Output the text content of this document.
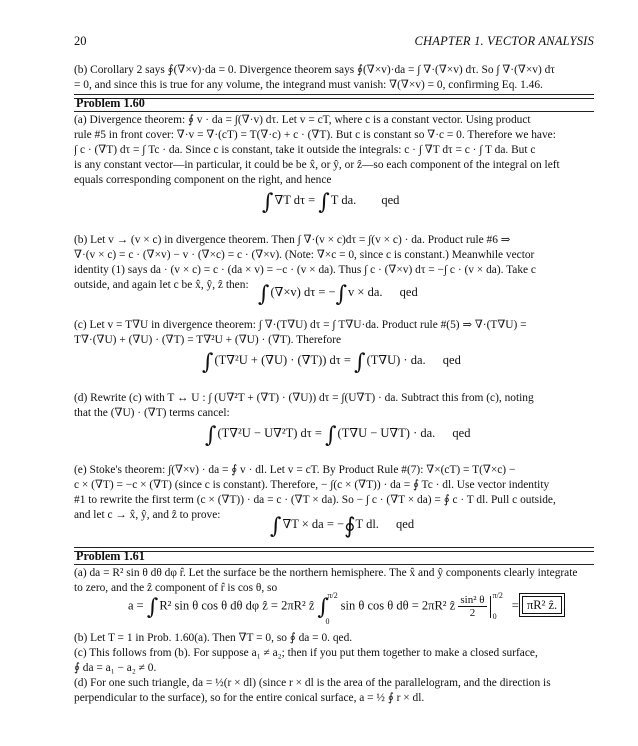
20	CHAPTER 1. VECTOR ANALYSIS
(b) Corollary 2 says ∮(∇×v)·da = 0. Divergence theorem says ∮(∇×v)·da = ∫ ∇·(∇×v) dτ. So ∫ ∇·(∇×v) dτ
= 0, and since this is true for any volume, the integrand must vanish: ∇(∇×v) = 0, confirming Eq. 1.46.
Problem 1.60
(a) Divergence theorem: ∮ v · da = ∫(∇·v) dτ. Let v = cT, where c is a constant vector. Using product
rule #5 in front cover: ∇·v = ∇·(cT) = T(∇·c) + c · (∇T). But c is constant so ∇·c = 0. Therefore we have:
∫ c · (∇T) dτ = ∫ Tc · da. Since c is constant, take it outside the integrals: c · ∫ ∇T dτ = c · ∫ T da. But c
is any constant vector—in particular, it could be be x̂, or ŷ, or ẑ—so each component of the integral on left
equals corresponding component on the right, and hence
∫∇T dτ = ∫T da. qed
(b) Let v → (v × c) in divergence theorem. Then ∫ ∇·(v × c)dτ = ∫(v × c) · da. Product rule #6 ⇒
∇·(v × c) = c · (∇×v) − v · (∇×c) = c · (∇×v). (Note: ∇×c = 0, since c is constant.) Meanwhile vector
identity (1) says da · (v × c) = c · (da × v) = −c · (v × da). Thus ∫ c · (∇×v) dτ = −∫ c · (v × da). Take c
outside, and again let c be x̂, ŷ, ẑ then: ∫(∇×v) dτ = −∫v × da. qed
(c) Let v = T∇U in divergence theorem: ∫ ∇·(T∇U) dτ = ∫ T∇U·da. Product rule #(5) ⇒ ∇·(T∇U) =
T∇·(∇U) + (∇U) · (∇T) = T∇²U + (∇U) · (∇T). Therefore
∫(T∇²U + (∇U) · (∇T)) dτ = ∫(T∇U) · da. qed
(d) Rewrite (c) with T ↔ U : ∫ (U∇²T + (∇T) · (∇U)) dτ = ∫(U∇T) · da. Subtract this from (c), noting
that the (∇U) · (∇T) terms cancel:
∫(T∇²U − U∇²T) dτ = ∫(T∇U − U∇T) · da. qed
(e) Stoke's theorem: ∫(∇×v) · da = ∮ v · dl. Let v = cT. By Product Rule #(7): ∇×(cT) = T(∇×c) −
c × (∇T) = −c × (∇T) (since c is constant). Therefore, − ∫(c × (∇T)) · da = ∮ Tc · dl. Use vector indentity
#1 to rewrite the first term (c × (∇T)) · da = c · (∇T × da). So − ∫ c · (∇T × da) = ∮ c · T dl. Pull c outside,
and let c → x̂, ŷ, and ẑ to prove:	∫∇T × da = −∮T dl. qed
Problem 1.61
(a) da = R² sin θ dθ dφ r̂. Let the surface be the northern hemisphere. The x̂ and ŷ components clearly integrate
to zero, and the ẑ component of r̂ is cos θ, so
a = ∫R² sin θ cos θ dθ dφ ẑ = 2πR² ẑ ∫
π/2
0
sin θ cos θ dθ = 2πR² ẑ $\frac{\text{sin² θ}}{2}$
π/2
0
= πR² ẑ.
(b) Let T = 1 in Prob. 1.60(a). Then ∇T = 0, so ∮ da = 0. qed.
(c) This follows from (b). For suppose a₁ ≠ a₂; then if you put them together to make a closed surface,
∮ da = a₁ − a₂ ≠ 0.
(d) For one such triangle, da = ½(r × dl) (since r × dl is the area of the parallelogram, and the direction is
perpendicular to the surface), so for the entire conical surface, a = ½ ∮ r × dl.
